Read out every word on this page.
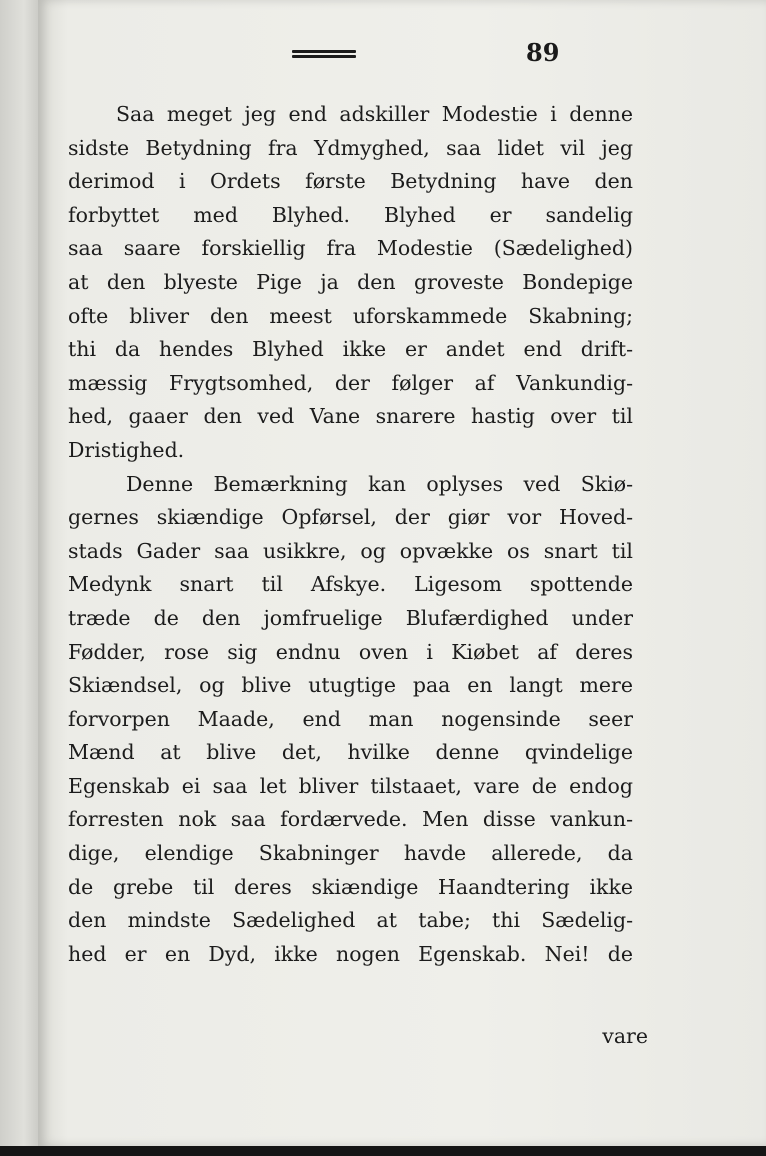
89
Saa meget jeg end adskiller Modestie i denne
sidste Betydning fra Ydmyghed, saa lidet vil jeg
derimod i Ordets første Betydning have den
forbyttet med Blyhed. Blyhed er sandelig
saa saare forskiellig fra Modestie (Sædelighed)
at den blyeste Pige ja den groveste Bondepige
ofte bliver den meest uforskammede Skabning;
thi da hendes Blyhed ikke er andet end drift-
mæssig Frygtsomhed, der følger af Vankundig-
hed, gaaer den ved Vane snarere hastig over til
Dristighed.
Denne Bemærkning kan oplyses ved Skiø-
gernes skiændige Opførsel, der giør vor Hoved-
stads Gader saa usikkre, og opvække os snart til
Medynk snart til Afskye. Ligesom spottende
træde de den jomfruelige Blufærdighed under
Fødder, rose sig endnu oven i Kiøbet af deres
Skiændsel, og blive utugtige paa en langt mere
forvorpen Maade, end man nogensinde seer
Mænd at blive det, hvilke denne qvindelige
Egenskab ei saa let bliver tilstaaet, vare de endog
forresten nok saa fordærvede. Men disse vankun-
dige, elendige Skabninger havde allerede, da
de grebe til deres skiændige Haandtering ikke
den mindste Sædelighed at tabe; thi Sædelig-
hed er en Dyd, ikke nogen Egenskab. Nei! de
vare
